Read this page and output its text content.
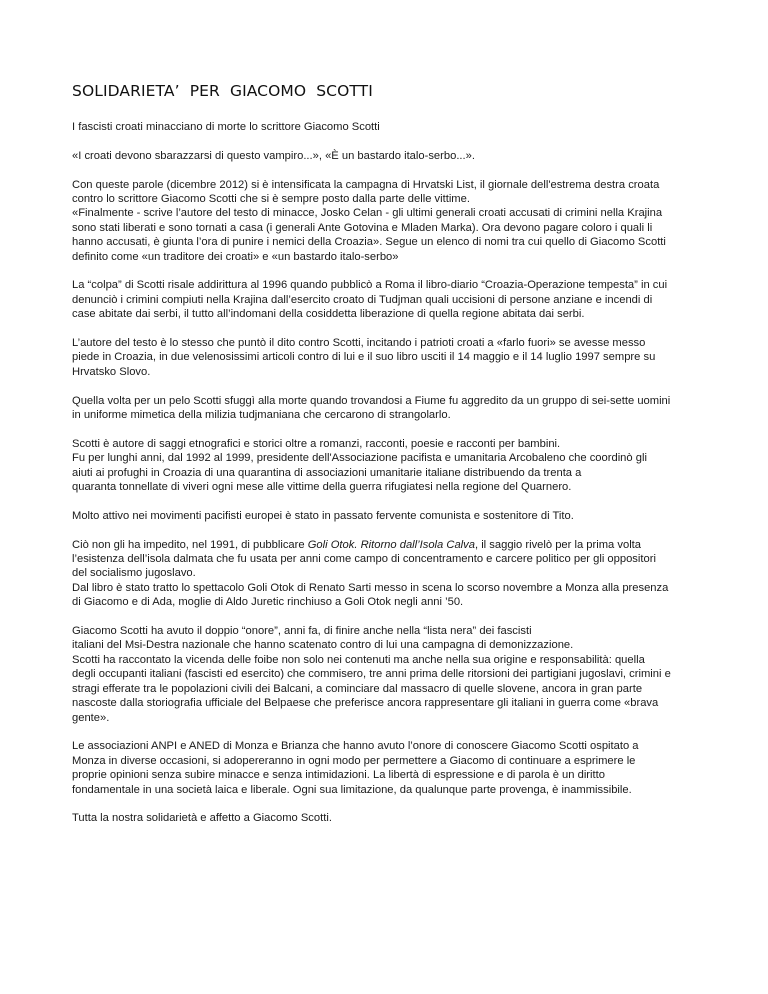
SOLIDARIETA’  PER  GIACOMO  SCOTTI

I fascisti croati minacciano di morte lo scrittore Giacomo Scotti

«I croati devono sbarazzarsi di questo vampiro...», «È un bastardo italo-serbo...».

Con queste parole (dicembre 2012) si è intensificata la campagna di Hrvatski List, il giornale dell'estrema destra croata
contro lo scrittore Giacomo Scotti che si è sempre posto dalla parte delle vittime.
«Finalmente - scrive l’autore del testo di minacce, Josko Celan - gli ultimi generali croati accusati di crimini nella Krajina
sono stati liberati e sono tornati a casa (i generali Ante Gotovina e Mladen Marka). Ora devono pagare coloro i quali li
hanno accusati, è giunta l’ora di punire i nemici della Croazia». Segue un elenco di nomi tra cui quello di Giacomo Scotti
definito come «un traditore dei croati» e «un bastardo italo-serbo»

La “colpa” di Scotti risale addirittura al 1996 quando pubblicò a Roma il libro-diario “Croazia-Operazione tempesta” in cui
denunciò i crimini compiuti nella Krajina dall’esercito croato di Tudjman quali uccisioni di persone anziane e incendi di
case abitate dai serbi, il tutto all’indomani della cosiddetta liberazione di quella regione abitata dai serbi.

L’autore del testo è lo stesso che puntò il dito contro Scotti, incitando i patrioti croati a «farlo fuori» se avesse messo
piede in Croazia, in due velenosissimi articoli contro di lui e il suo libro usciti il 14 maggio e il 14 luglio 1997 sempre su
Hrvatsko Slovo.

Quella volta per un pelo Scotti sfuggì alla morte quando trovandosi a Fiume fu aggredito da un gruppo di sei-sette uomini
in uniforme mimetica della milizia tudjmaniana che cercarono di strangolarlo.

Scotti è autore di saggi etnografici e storici oltre a romanzi, racconti, poesie e racconti per bambini.
Fu per lunghi anni, dal 1992 al 1999, presidente dell'Associazione pacifista e umanitaria Arcobaleno che coordinò gli
aiuti ai profughi in Croazia di una quarantina di associazioni umanitarie italiane distribuendo da trenta a
quaranta tonnellate di viveri ogni mese alle vittime della guerra rifugiatesi nella regione del Quarnero.

Molto attivo nei movimenti pacifisti europei è stato in passato fervente comunista e sostenitore di Tito.

Ciò non gli ha impedito, nel 1991, di pubblicare Goli Otok. Ritorno dall’Isola Calva, il saggio rivelò per la prima volta
l’esistenza dell’isola dalmata che fu usata per anni come campo di concentramento e carcere politico per gli oppositori
del socialismo jugoslavo.
Dal libro è stato tratto lo spettacolo Goli Otok di Renato Sarti messo in scena lo scorso novembre a Monza alla presenza
di Giacomo e di Ada, moglie di Aldo Juretic rinchiuso a Goli Otok negli anni ’50.

Giacomo Scotti ha avuto il doppio “onore”, anni fa, di finire anche nella “lista nera” dei fascisti
italiani del Msi-Destra nazionale che hanno scatenato contro di lui una campagna di demonizzazione.
Scotti ha raccontato la vicenda delle foibe non solo nei contenuti ma anche nella sua origine e responsabilità: quella
degli occupanti italiani (fascisti ed esercito) che commisero, tre anni prima delle ritorsioni dei partigiani jugoslavi, crimini e
stragi efferate tra le popolazioni civili dei Balcani, a cominciare dal massacro di quelle slovene, ancora in gran parte
nascoste dalla storiografia ufficiale del Belpaese che preferisce ancora rappresentare gli italiani in guerra come «brava
gente».

Le associazioni ANPI e ANED di Monza e Brianza che hanno avuto l’onore di conoscere Giacomo Scotti ospitato a
Monza in diverse occasioni, si adopereranno in ogni modo per permettere a Giacomo di continuare a esprimere le
proprie opinioni senza subire minacce e senza intimidazioni. La libertà di espressione e di parola è un diritto
fondamentale in una società laica e liberale. Ogni sua limitazione, da qualunque parte provenga, è inammissibile.

Tutta la nostra solidarietà e affetto a Giacomo Scotti.
